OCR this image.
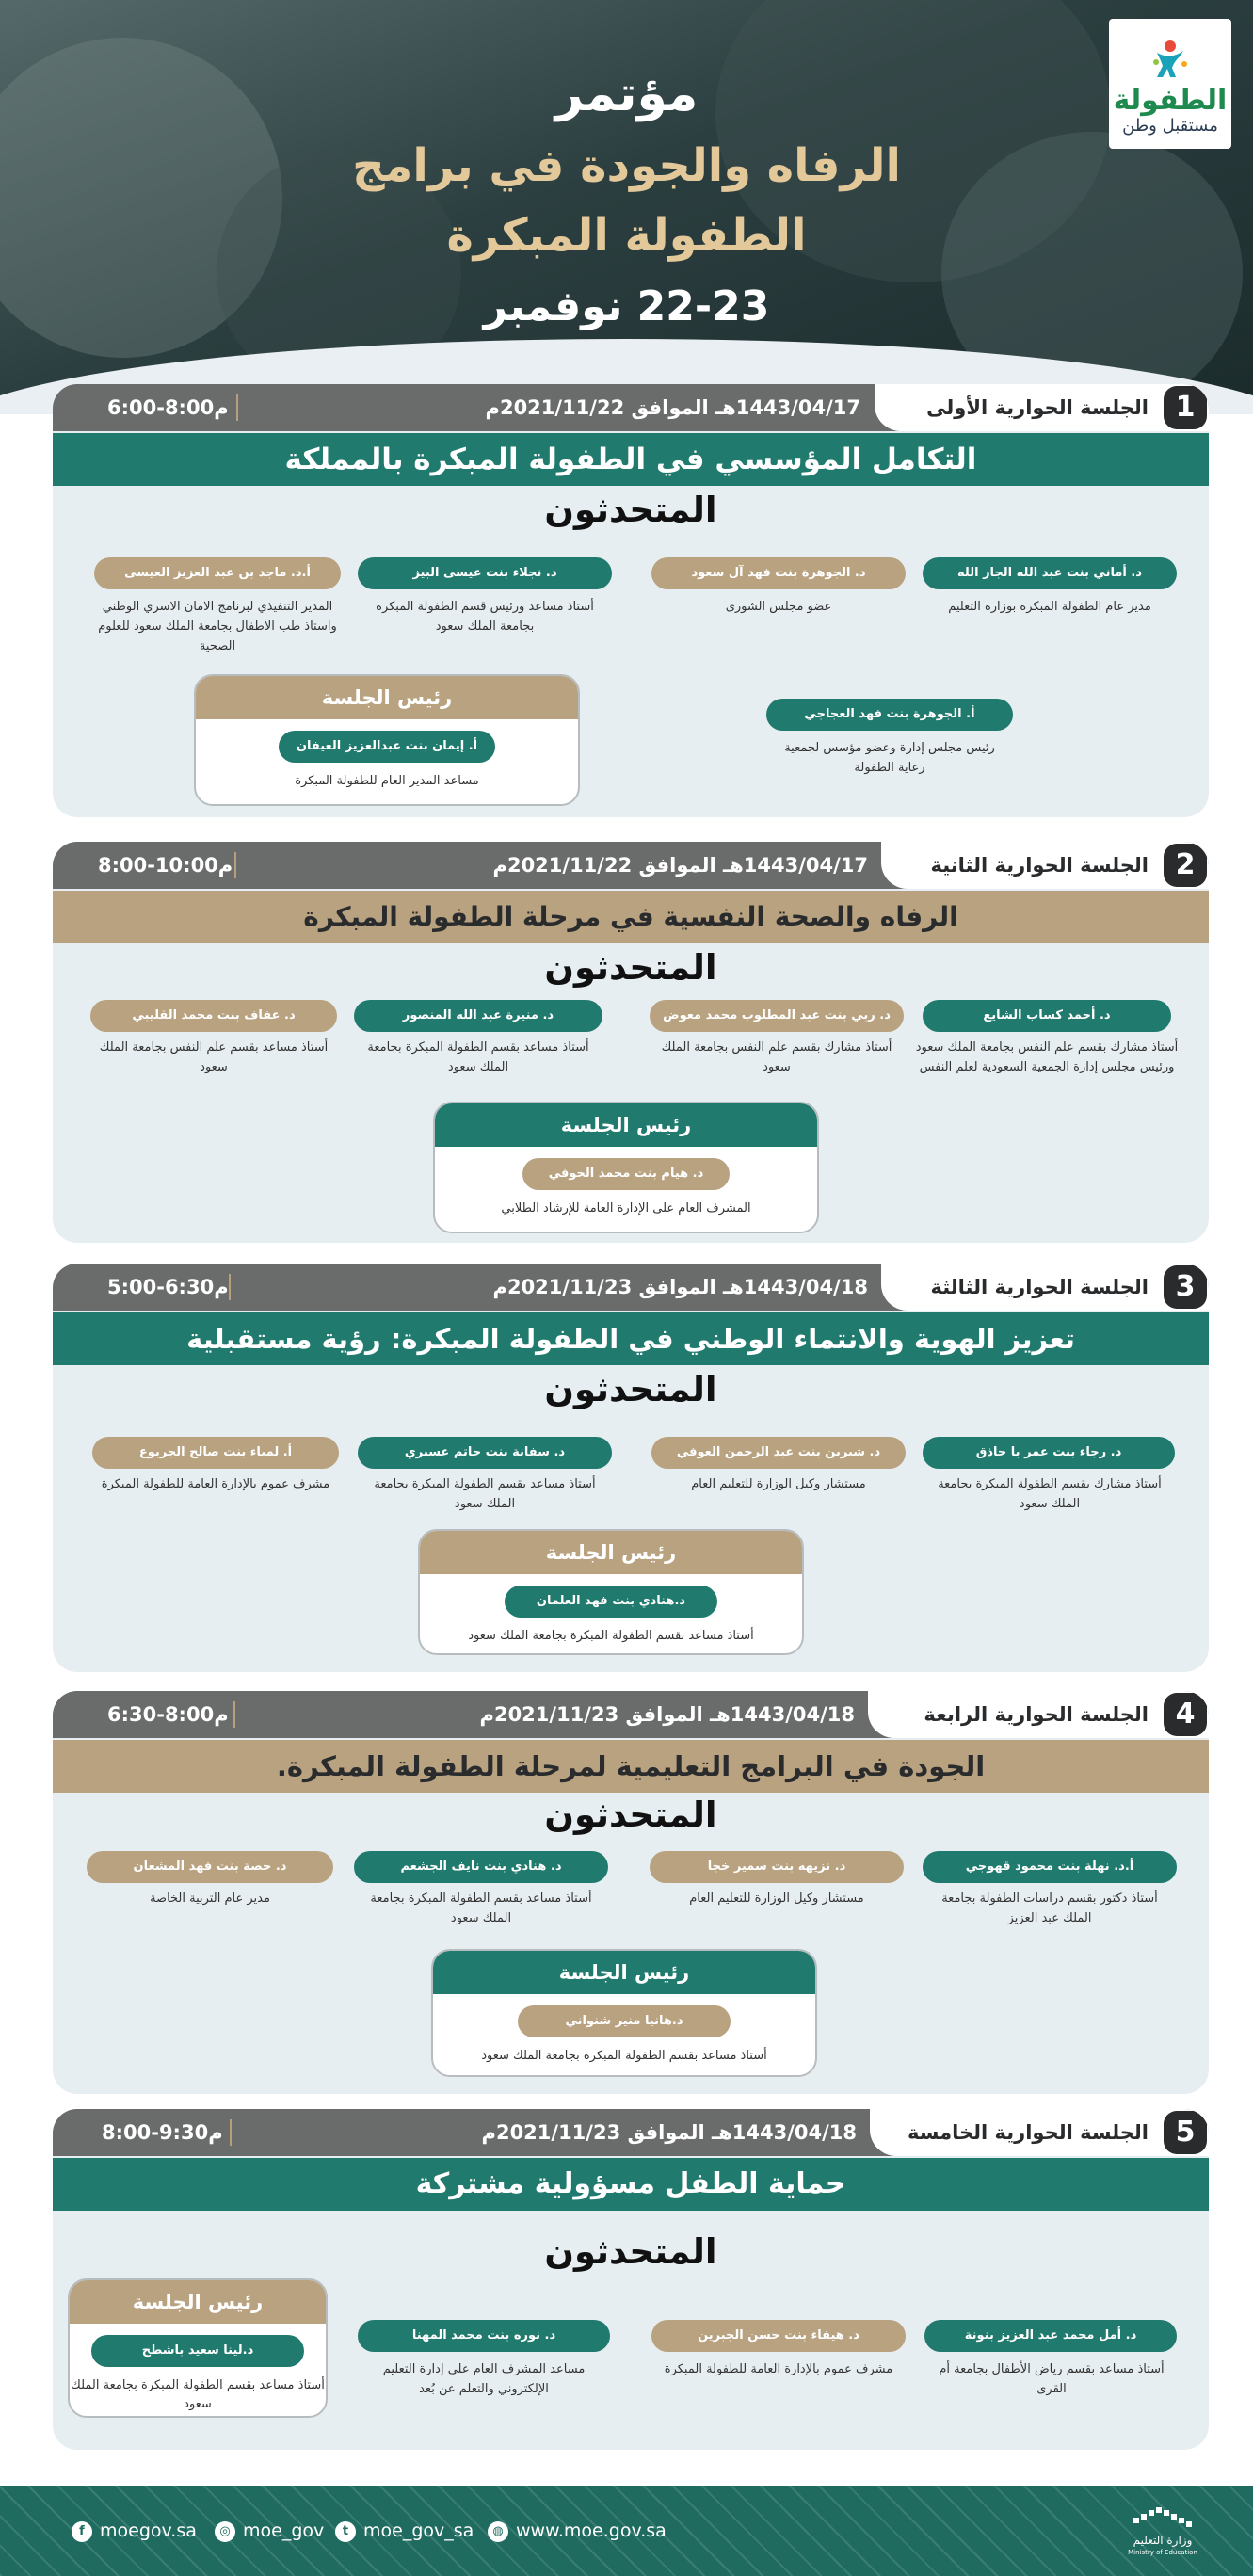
مؤتمر
الرفاه والجودة في برامج
الطفولة المبكرة
22-23 نوفمبر
الطفولة
مستقبل وطن
1
الجلسة الحوارية الأولى
1443/04/17هـ الموافق 2021/11/22م
6:00-8:00م
التكامل المؤسسي في الطفولة المبكرة بالمملكة
المتحدثون
د. أماني بنت عبد الله الجار الله
مدير عام الطفولة المبكرة بوزارة التعليم
د. الجوهرة بنت فهد آل سعود
عضو مجلس الشورى
د. نجلاء بنت عيسى البيز
أستاذ مساعد ورئيس قسم الطفولة المبكرة بجامعة الملك سعود
أ.د. ماجد بن عبد العزيز العيسى
المدير التنفيذي لبرنامج الامان الاسري الوطني واستاذ طب الاطفال بجامعة الملك سعود للعلوم الصحية
أ. الجوهرة بنت فهد العجاجي
رئيس مجلس إدارة وعضو مؤسس لجمعية رعاية الطفولة
رئيس الجلسة
أ. إيمان بنت عبدالعزيز العيفان
مساعد المدير العام للطفولة المبكرة
2
الجلسة الحوارية الثانية
1443/04/17هـ الموافق 2021/11/22م
8:00-10:00م
الرفاه والصحة النفسية في مرحلة الطفولة المبكرة
المتحدثون
د. أحمد كساب الشايع
أستاذ مشارك بقسم علم النفس بجامعة الملك سعود ورئيس مجلس إدارة الجمعية السعودية لعلم النفس
د. ربي بنت عبد المطلوب محمد معوض
أستاذ مشارك بقسم علم النفس بجامعة الملك سعود
د. منيرة عبد الله المنصور
أستاذ مساعد بقسم الطفولة المبكرة بجامعة الملك سعود
د. عفاف بنت محمد القليبي
أستاذ مساعد بقسم علم النفس بجامعة الملك سعود
رئيس الجلسة
د. هيام بنت محمد الحوفي
المشرف العام على الإدارة العامة للإرشاد الطلابي
3
الجلسة الحوارية الثالثة
1443/04/18هـ الموافق 2021/11/23م
5:00-6:30م
تعزيز الهوية والانتماء الوطني في الطفولة المبكرة: رؤية مستقبلية
المتحدثون
د. رجاء بنت عمر با حاذق
أستاذ مشارك بقسم الطفولة المبكرة بجامعة الملك سعود
د. شيرين بنت عبد الرحمن العوفي
مستشار وكيل الوزارة للتعليم العام
د. سفانة بنت حاتم عسيري
أستاذ مساعد بقسم الطفولة المبكرة بجامعة الملك سعود
أ. لمياء بنت صالح الجربوع
مشرف عموم بالإدارة العامة للطفولة المبكرة
رئيس الجلسة
د.هنادي بنت فهد العلمان
أستاذ مساعد بقسم الطفولة المبكرة بجامعة الملك سعود
4
الجلسة الحوارية الرابعة
1443/04/18هـ الموافق 2021/11/23م
6:30-8:00م
الجودة في البرامج التعليمية لمرحلة الطفولة المبكرة.
المتحدثون
أ.د. نهلة بنت محمود قهوجي
أستاذ دكتور بقسم دراسات الطفولة بجامعة الملك عبد العزيز
د. نزيهه بنت سمير خجا
مستشار وكيل الوزارة للتعليم العام
د. هنادي بنت نايف الجشعم
أستاذ مساعد بقسم الطفولة المبكرة بجامعة الملك سعود
د. حصة بنت فهد المشعان
مدير عام التربية الخاصة
رئيس الجلسة
د.هانيا منير شنواني
أستاذ مساعد بقسم الطفولة المبكرة بجامعة الملك سعود
5
الجلسة الحوارية الخامسة
1443/04/18هـ الموافق 2021/11/23م
8:00-9:30م
حماية الطفل مسؤولية مشتركة
المتحدثون
د. أمل محمد عبد العزيز بنونة
أستاذ مساعد بقسم رياض الأطفال بجامعة أم القرى
د. هيفاء بنت حسن الجبرين
مشرف عموم بالإدارة العامة للطفولة المبكرة
د. نوره بنت محمد المهنا
مساعد المشرف العام على إدارة التعليم الإلكتروني والتعلم عن بُعد
رئيس الجلسة
د.لينا سعيد باشطح
أستاذ مساعد بقسم الطفولة المبكرة بجامعة الملك سعود
f moegov.sa	◎ moe_gov	t moe_gov_sa	◍ www.moe.gov.sa	وزارة التعليم
Ministry of Education
